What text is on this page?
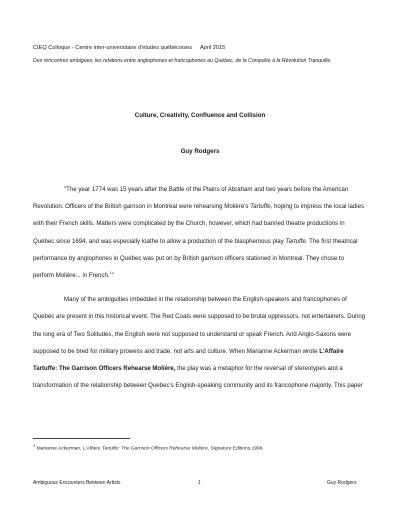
CIEQ Colloque - Centre inter-universitaire d'études québécoises April 2015
Des rencontres ambigües, les relations entre anglophones et francophones au Québec, de la Conquête à la Révolution Tranquille.
Culture, Creativity, Confluence and Collision
Guy Rodgers

"The year 1774 was 15 years after the Battle of the Plains of Abraham and two years before the American Revolution. Officers of the British garrison in Montreal were rehearsing Molière's Tartuffe, hoping to impress the local ladies with their French skills. Matters were complicated by the Church, however, which had banned theatre productions in Québec since 1694, and was especially loathe to allow a production of the blasphemous play Tartuffe. The first theatrical performance by anglophones in Québec was put on by British garrison officers stationed in Montreal. They chose to perform Molière... in French.$^1$"

Many of the ambiguities imbedded in the relationship between the English-speakers and francophones of Quebec are present in this historical event. The Red Coats were supposed to be brutal oppressors, not entertainers. During the long era of Two Solitudes, the English were not supposed to understand or speak French. And Anglo-Saxons were supposed to be bred for military prowess and trade, not arts and culture. When Marianne Ackerman wrote L'Affaire Tartuffe: The Garrison Officers Rehearse Molière, the play was a metaphor for the reversal of stereotypes and a transformation of the relationship between Quebec's English-speaking community and its francophone majority. This paper

$^1$ Marianne Ackerman, L'Affaire Tartuffe: The Garrison Officers Rehearse Molière, Signature Editions,1996
Ambiguous Encounters Between Artists	1	Guy Rodgers
